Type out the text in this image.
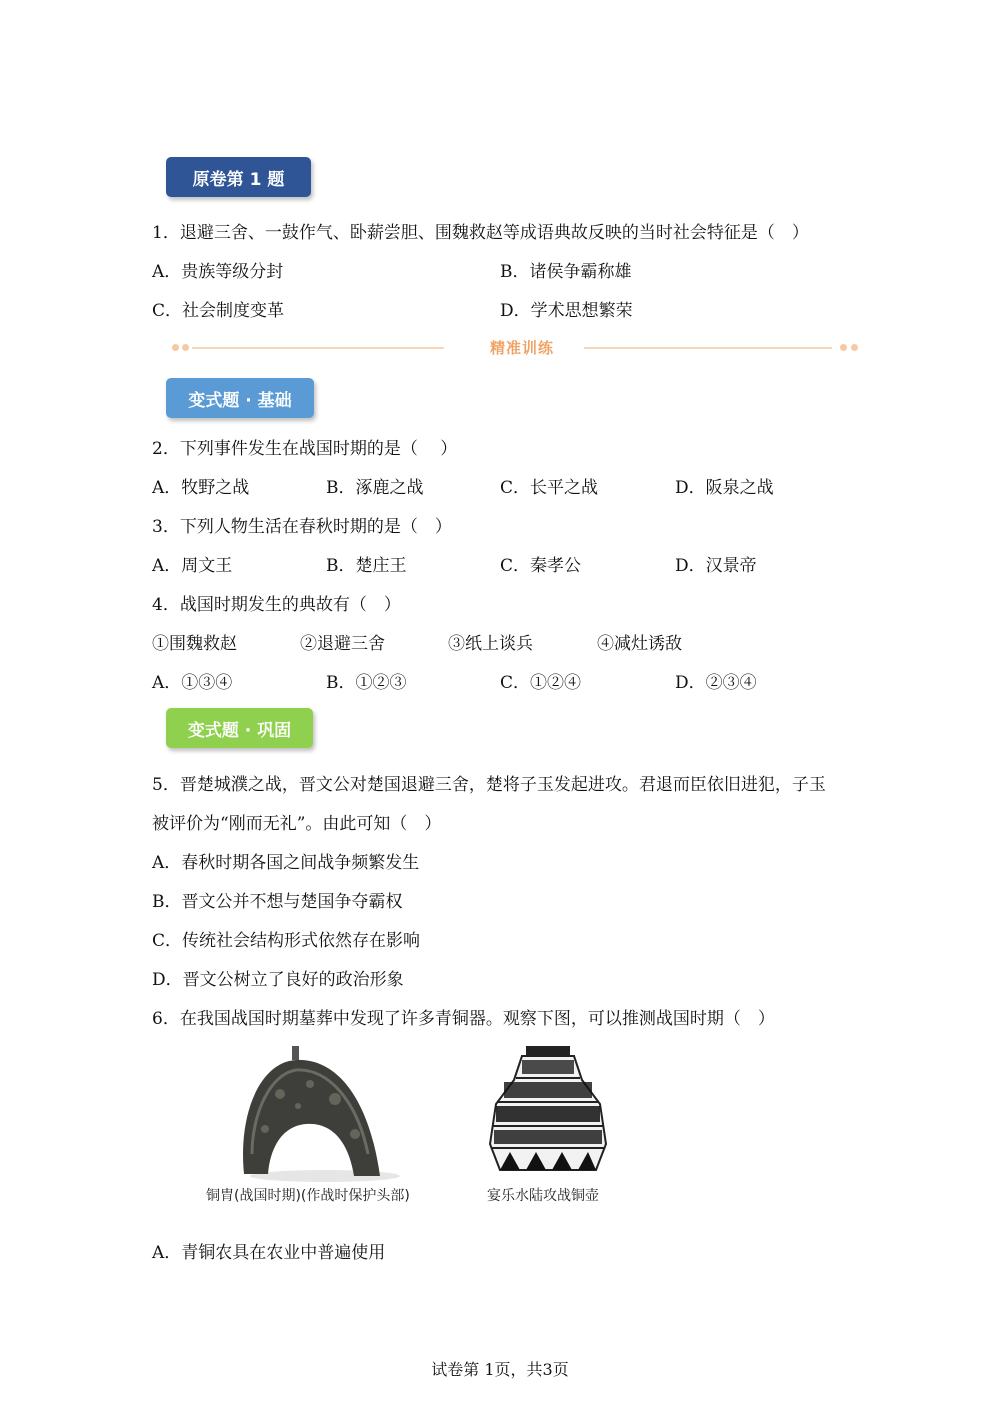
原卷第 1 题
1．退避三舍、一鼓作气、卧薪尝胆、围魏救赵等成语典故反映的当时社会特征是（　）
A．贵族等级分封	B．诸侯争霸称雄
C．社会制度变革	D．学术思想繁荣
精准训练
变式题 · 基础
2．下列事件发生在战国时期的是（　 ）
A．牧野之战	B．涿鹿之战	C．长平之战	D．阪泉之战
3．下列人物生活在春秋时期的是（　）
A．周文王	B．楚庄王	C．秦孝公	D．汉景帝
4．战国时期发生的典故有（　）
①围魏救赵	②退避三舍	③纸上谈兵	④减灶诱敌
A．①③④	B．①②③	C．①②④	D．②③④
变式题 · 巩固
5．晋楚城濮之战，晋文公对楚国退避三舍，楚将子玉发起进攻。君退而臣依旧进犯，子玉
被评价为“刚而无礼”。由此可知（　）
A．春秋时期各国之间战争频繁发生
B．晋文公并不想与楚国争夺霸权
C．传统社会结构形式依然存在影响
D．晋文公树立了良好的政治形象
6．在我国战国时期墓葬中发现了许多青铜器。观察下图，可以推测战国时期（　）
铜胄(战国时期)(作战时保护头部)	宴乐水陆攻战铜壶
A．青铜农具在农业中普遍使用
试卷第 1页，共3页
